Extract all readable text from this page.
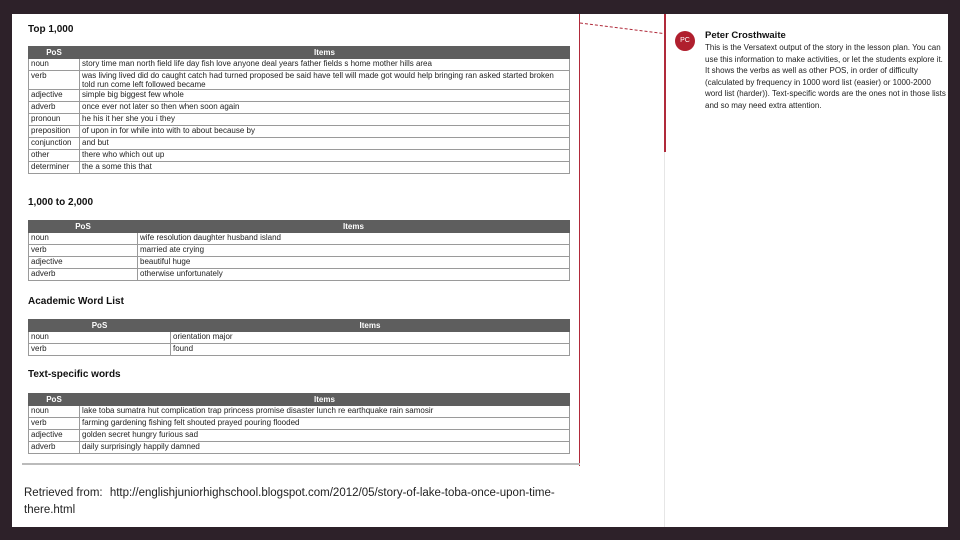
Top 1,000
PoS	Items
noun	story time man north field life day fish love anyone deal years father fields s home mother hills area
verb	was living lived did do caught catch had turned proposed be said have tell will made got would help bringing ran asked started broken told run come left followed became
adjective	simple big biggest few whole
adverb	once ever not later so then when soon again
pronoun	he his it her she you i they
preposition	of upon in for while into with to about because by
conjunction	and but
other	there who which out up
determiner	the a some this that
1,000 to 2,000
PoS	Items
noun	wife resolution daughter husband island
verb	married ate crying
adjective	beautiful huge
adverb	otherwise unfortunately
Academic Word List
PoS	Items
noun	orientation major
verb	found
Text-specific words
PoS	Items
noun	lake toba sumatra hut complication trap princess promise disaster lunch re earthquake rain samosir
verb	farming gardening fishing felt shouted prayed pouring flooded
adjective	golden secret hungry furious sad
adverb	daily surprisingly happily damned
Retrieved from: http://englishjuniorhighschool.blogspot.com/2012/05/story-of-lake-toba-once-upon-time-there.html
PC	Peter Crosthwaite
This is the Versatext output of the story in the lesson plan. You can use this information to make activities, or let the students explore it. It shows the verbs as well as other POS, in order of difficulty (calculated by frequency in 1000 word list (easier) or 1000-2000 word list (harder)). Text-specific words are the ones not in those lists and so may need extra attention.
